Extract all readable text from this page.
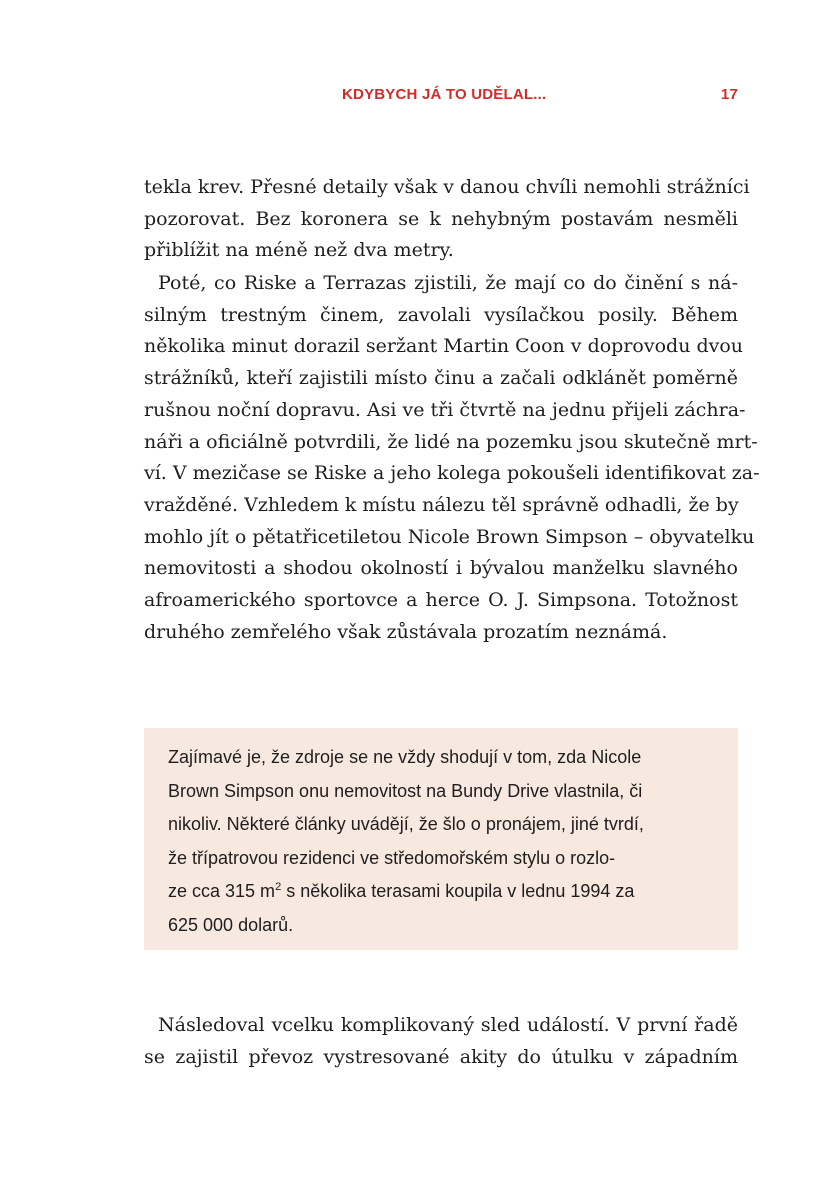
KDYBYCH JÁ TO UDĚLAL...	17
tekla krev. Přesné detaily však v danou chvíli nemohli strážníci
pozorovat. Bez koronera se k nehybným postavám nesměli
přiblížit na méně než dva metry.
Poté, co Riske a Terrazas zjistili, že mají co do činění s ná-
silným trestným činem, zavolali vysílačkou posily. Během
několika minut dorazil seržant Martin Coon v doprovodu dvou
strážníků, kteří zajistili místo činu a začali odklánět poměrně
rušnou noční dopravu. Asi ve tři čtvrtě na jednu přijeli záchra-
náři a oficiálně potvrdili, že lidé na pozemku jsou skutečně mrt-
ví. V mezičase se Riske a jeho kolega pokoušeli identifikovat za-
vražděné. Vzhledem k místu nálezu těl správně odhadli, že by
mohlo jít o pětatřicetiletou Nicole Brown Simpson – obyvatelku
nemovitosti a shodou okolností i bývalou manželku slavného
afroamerického sportovce a herce O. J. Simpsona. Totožnost
druhého zemřelého však zůstávala prozatím neznámá.
Zajímavé je, že zdroje se ne vždy shodují v tom, zda Nicole
Brown Simpson onu nemovitost na Bundy Drive vlastnila, či
nikoliv. Některé články uvádějí, že šlo o pronájem, jiné tvrdí,
že třípatrovou rezidenci ve středomořském stylu o rozlo-
ze cca 315 $m^2$ s několika terasami koupila v lednu 1994 za
625 000 dolarů.
Následoval vcelku komplikovaný sled událostí. V první řadě
se zajistil převoz vystresované akity do útulku v západním
